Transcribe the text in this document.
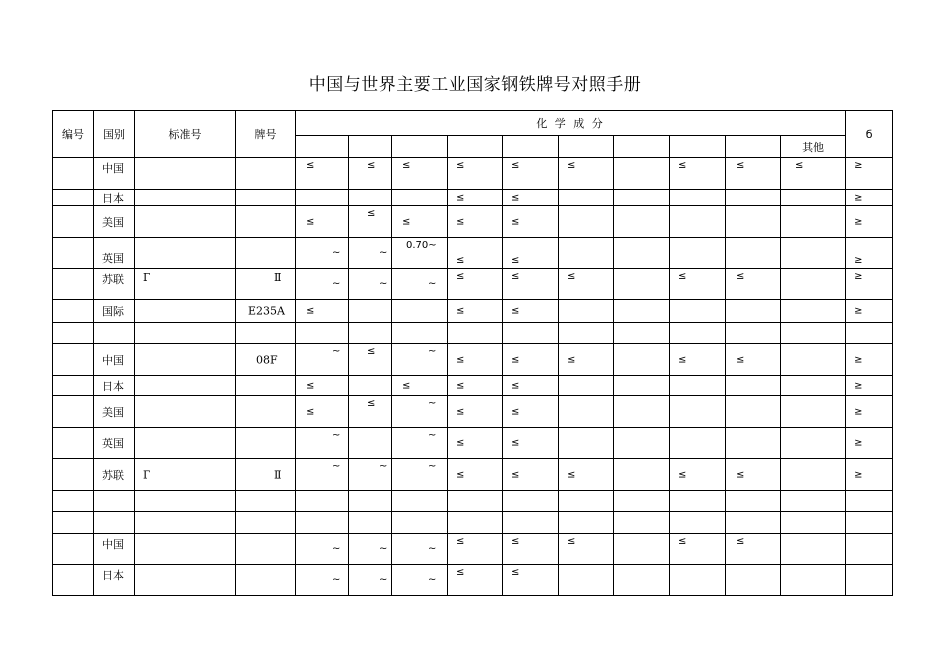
中国与世界主要工业国家钢铁牌号对照手册
编号	国别	标准号	牌号	化 学 成 分										б
													其他	

	中国			≤	≤	≤	≤	≤	≤		≤	≤	≤	≥

	日本						≤	≤						≥

	美国			≤	≤	≤	≤	≤						≥

	英国			~	~	0.70~	≤	≤						≥

	苏联	Г	Ⅱ	~	~	~	≤	≤	≤		≤	≤		≥

	国际		E235A	≤			≤	≤						≥

	中国		08F	~	≤	~	≤	≤	≤		≤	≤		≥

	日本			≤		≤	≤	≤						≥

	美国			≤	≤	~	≤	≤						≥

	英国			~		~	≤	≤						≥

	苏联	Г	Ⅱ	~	~	~	≤	≤	≤		≤	≤		≥

	中国			~	~	~	≤	≤	≤		≤	≤		

	日本			~	~	~	≤	≤						
